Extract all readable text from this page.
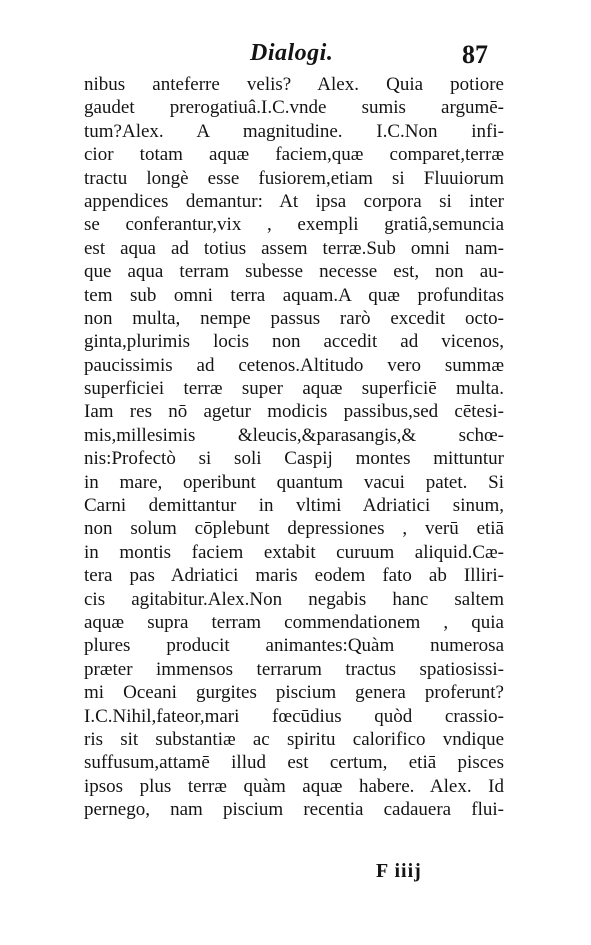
Dialogi.	87
nibus anteferre velis? Alex. Quia potiore
gaudet prerogatiuâ.I.C.vnde sumis argumē-
tum?Alex. A magnitudine. I.C.Non infi-
cior totam aquæ faciem,quæ comparet,terræ
tractu longè esse fusiorem,etiam si Fluuiorum
appendices demantur: At ipsa corpora si inter
se conferantur,vix , exempli gratiâ,semuncia
est aqua ad totius assem terræ.Sub omni nam-
que aqua terram subesse necesse est, non au-
tem sub omni terra aquam.A quæ profunditas
non multa, nempe passus rarò excedit octo-
ginta,plurimis locis non accedit ad vicenos,
paucissimis ad cetenos.Altitudo vero summæ
superficiei terræ super aquæ superficiē multa.
Iam res nō agetur modicis passibus,sed cētesi-
mis,millesimis &leucis,&parasangis,& schœ-
nis:Profectò si soli Caspij montes mittuntur
in mare, operibunt quantum vacui patet. Si
Carni demittantur in vltimi Adriatici sinum,
non solum cōplebunt depressiones , verū etiā
in montis faciem extabit curuum aliquid.Cæ-
tera pas Adriatici maris eodem fato ab Illiri-
cis agitabitur.Alex.Non negabis hanc saltem
aquæ supra terram commendationem , quia
plures producit animantes:Quàm numerosa
præter immensos terrarum tractus spatiosissi-
mi Oceani gurgites piscium genera proferunt?
I.C.Nihil,fateor,mari fœcūdius quòd crassio-
ris sit substantiæ ac spiritu calorifico vndique
suffusum,attamē illud est certum, etiā pisces
ipsos plus terræ quàm aquæ habere. Alex. Id
pernego, nam piscium recentia cadauera flui-
F iiij
